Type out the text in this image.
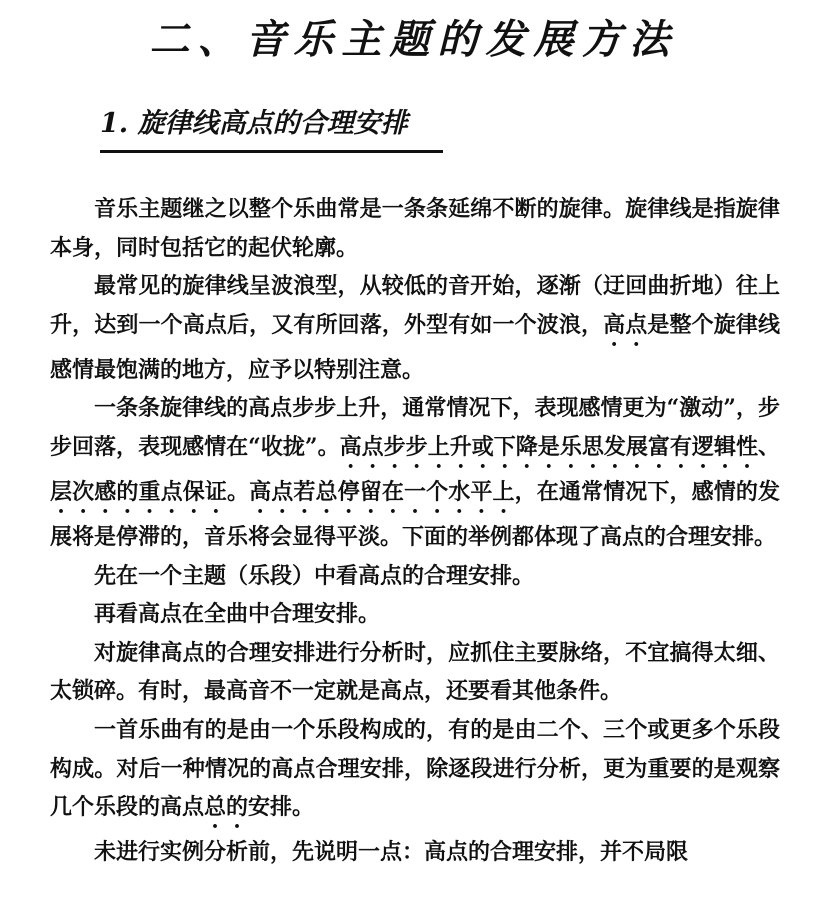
二、音乐主题的发展方法
1. 旋律线高点的合理安排

音乐主题继之以整个乐曲常是一条条延绵不断的旋律。旋律线是指旋律本身，同时包括它的起伏轮廓。

最常见的旋律线呈波浪型，从较低的音开始，逐渐（迂回曲折地）往上升，达到一个高点后，又有所回落，外型有如一个波浪，高点是整个旋律线感情最饱满的地方，应予以特别注意。

一条条旋律线的高点步步上升，通常情况下，表现感情更为“激动”，步步回落，表现感情在“收拢”。高点步步上升或下降是乐思发展富有逻辑性、层次感的重点保证。高点若总停留在一个水平上，在通常情况下，感情的发展将是停滞的，音乐将会显得平淡。下面的举例都体现了高点的合理安排。

先在一个主题（乐段）中看高点的合理安排。

再看高点在全曲中合理安排。

对旋律高点的合理安排进行分析时，应抓住主要脉络，不宜搞得太细、太锁碎。有时，最高音不一定就是高点，还要看其他条件。

一首乐曲有的是由一个乐段构成的，有的是由二个、三个或更多个乐段构成。对后一种情况的高点合理安排，除逐段进行分析，更为重要的是观察几个乐段的高点总的安排。

未进行实例分析前，先说明一点：高点的合理安排，并不局限
